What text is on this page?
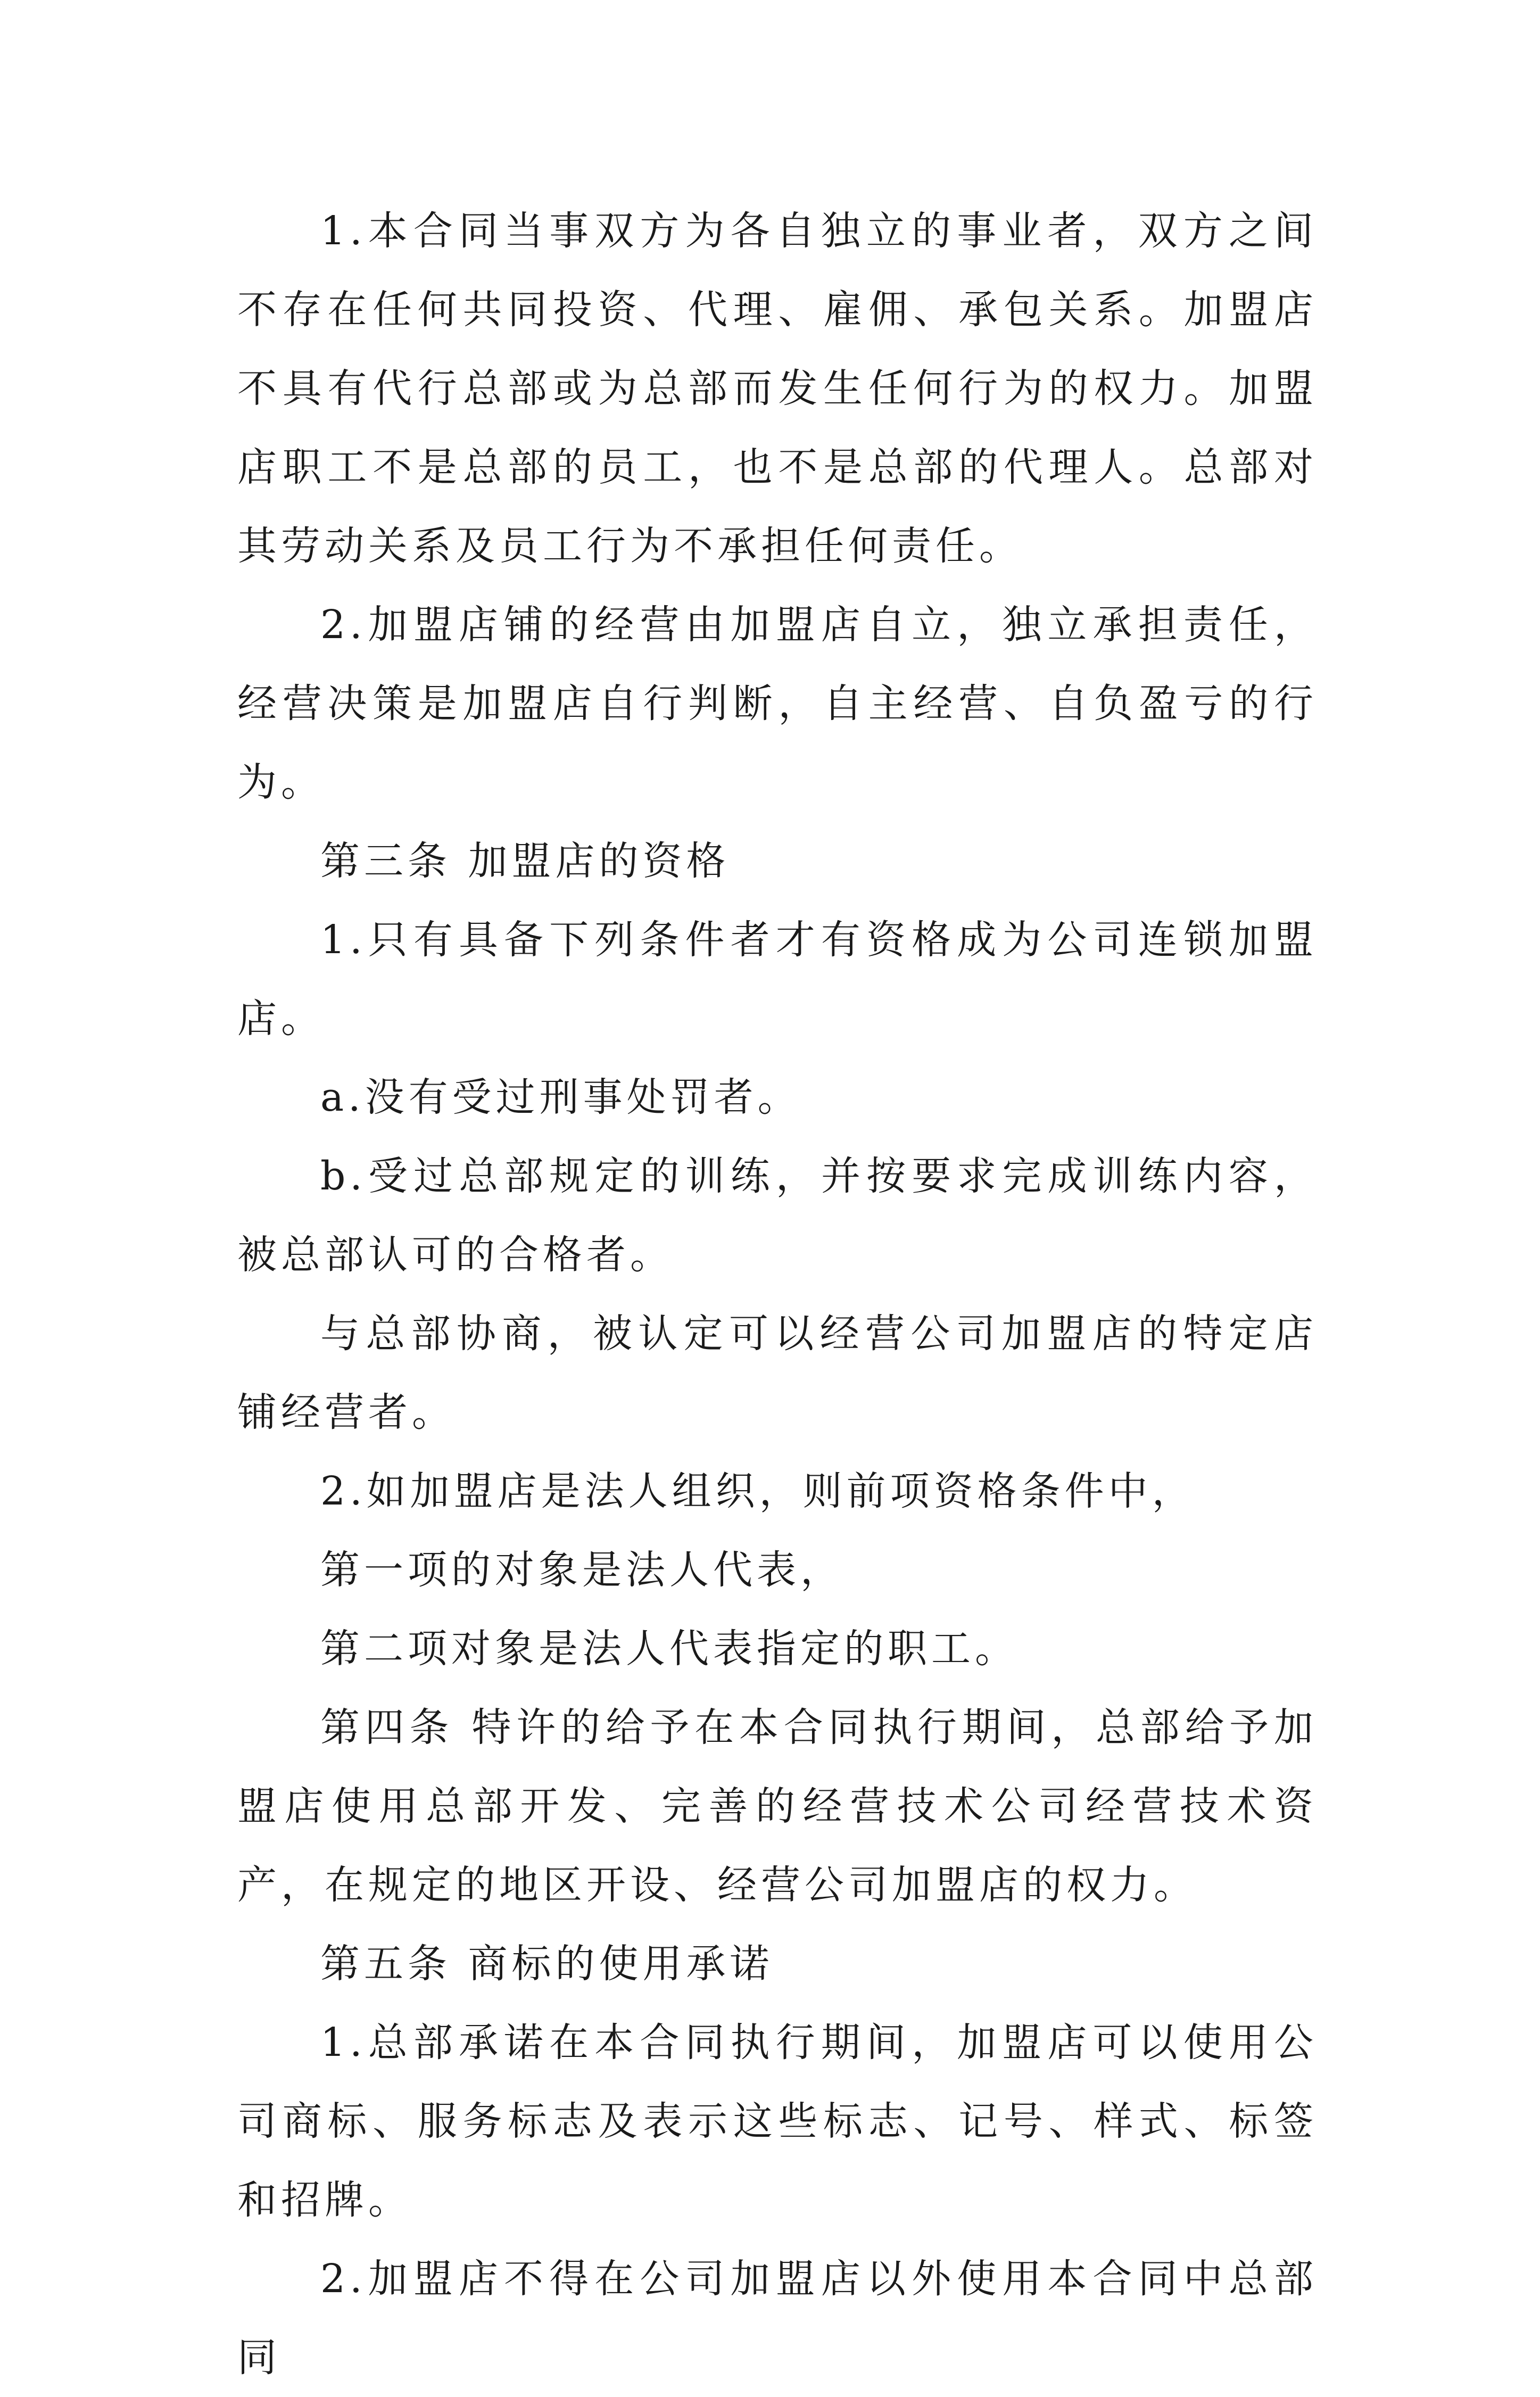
1.本合同当事双方为各自独立的事业者，双方之间不存在任何共同投资、代理、雇佣、承包关系。加盟店不具有代行总部或为总部而发生任何行为的权力。加盟店职工不是总部的员工，也不是总部的代理人。总部对其劳动关系及员工行为不承担任何责任。

2.加盟店铺的经营由加盟店自立，独立承担责任，经营决策是加盟店自行判断，自主经营、自负盈亏的行为。

第三条 加盟店的资格

1.只有具备下列条件者才有资格成为公司连锁加盟店。

a.没有受过刑事处罚者。

b.受过总部规定的训练，并按要求完成训练内容，被总部认可的合格者。

与总部协商，被认定可以经营公司加盟店的特定店铺经营者。

2.如加盟店是法人组织，则前项资格条件中，

第一项的对象是法人代表，

第二项对象是法人代表指定的职工。

第四条 特许的给予在本合同执行期间，总部给予加盟店使用总部开发、完善的经营技术公司经营技术资产，在规定的地区开设、经营公司加盟店的权力。

第五条 商标的使用承诺

1.总部承诺在本合同执行期间，加盟店可以使用公司商标、服务标志及表示这些标志、记号、样式、标签和招牌。

2.加盟店不得在公司加盟店以外使用本合同中总部同
